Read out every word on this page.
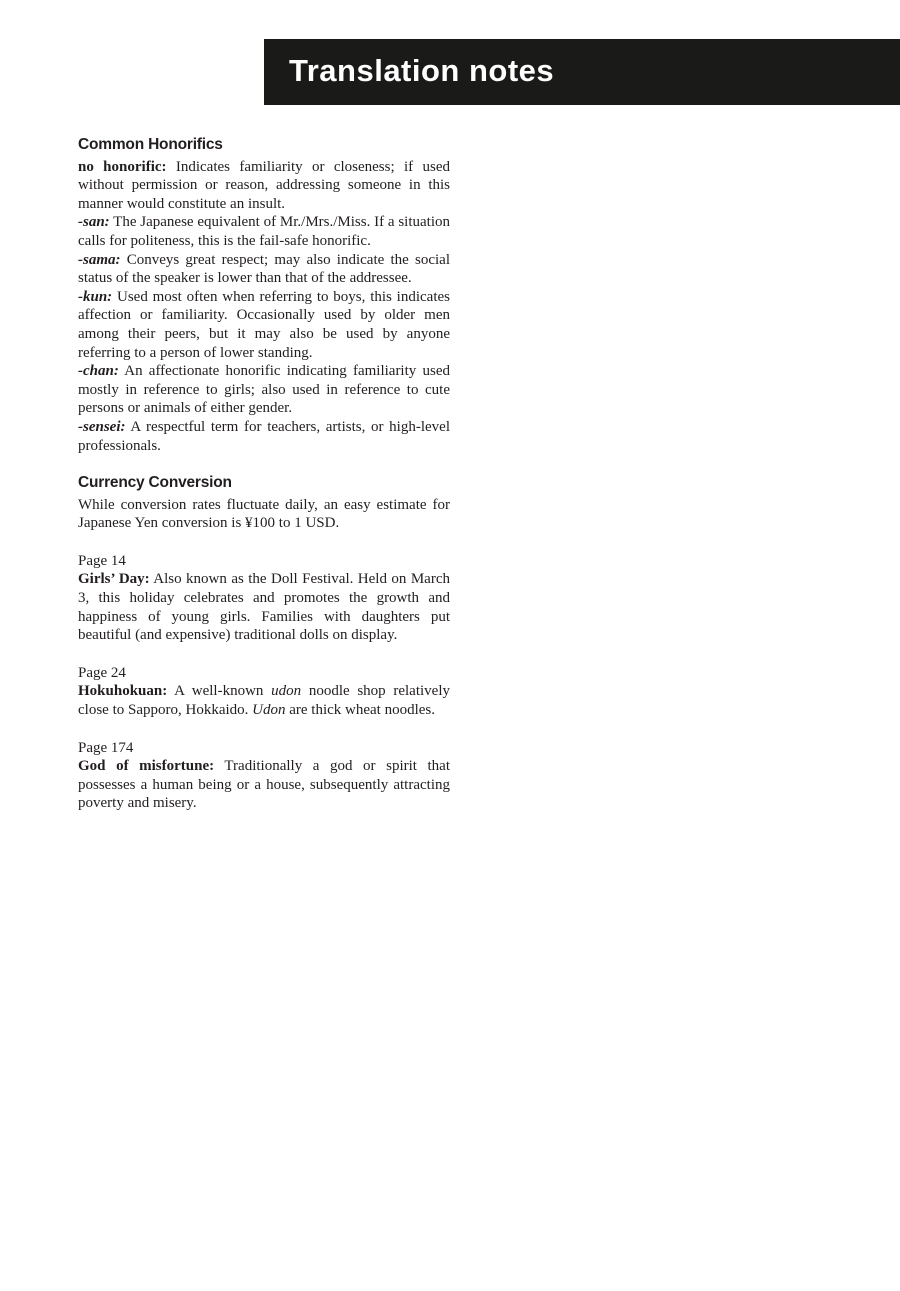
Translation notes
Common Honorifics

no honorific: Indicates familiarity or closeness; if used without permission or reason, addressing someone in this manner would constitute an insult.

-san: The Japanese equivalent of Mr./Mrs./Miss. If a situation calls for politeness, this is the fail-safe honorific.

-sama: Conveys great respect; may also indicate the social status of the speaker is lower than that of the addressee.

-kun: Used most often when referring to boys, this indicates affection or familiarity. Occasionally used by older men among their peers, but it may also be used by anyone referring to a person of lower standing.

-chan: An affectionate honorific indicating familiarity used mostly in reference to girls; also used in reference to cute persons or animals of either gender.

-sensei: A respectful term for teachers, artists, or high-level professionals.

Currency Conversion

While conversion rates fluctuate daily, an easy estimate for Japanese Yen conversion is ¥100 to 1 USD.

Page 14

Girls’ Day: Also known as the Doll Festival. Held on March 3, this holiday celebrates and promotes the growth and happiness of young girls. Families with daughters put beautiful (and expensive) traditional dolls on display.

Page 24

Hokuhokuan: A well-known udon noodle shop relatively close to Sapporo, Hokkaido. Udon are thick wheat noodles.

Page 174

God of misfortune: Traditionally a god or spirit that possesses a human being or a house, subsequently attracting poverty and misery.
